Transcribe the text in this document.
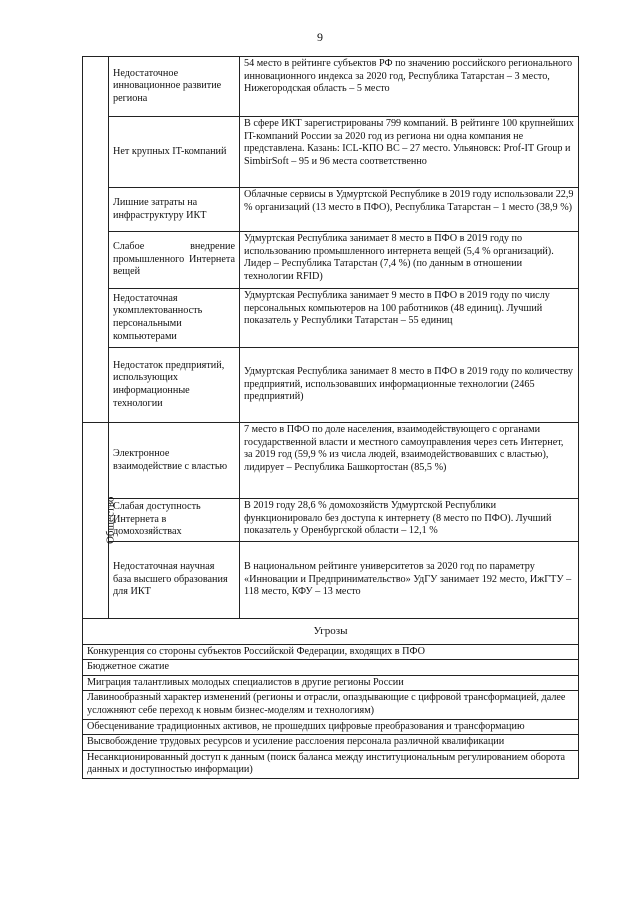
9
	Недостаточное инновационное развитие региона	54 место в рейтинге субъектов РФ по значению российского регионального инновационного индекса за 2020 год, Республика Татарстан – 3 место, Нижегородская область – 5 место
	Нет крупных IT-компаний	В сфере ИКТ зарегистрированы 799 компаний. В рейтинге 100 крупнейших IT-компаний России за 2020 год из региона ни одна компания не представлена. Казань: ICL-КПО ВС – 27 место. Ульяновск: Prof-IT Group и SimbirSoft – 95 и 96 места соответственно
	Лишние затраты на инфраструктуру ИКТ	Облачные сервисы в Удмуртской Республике в 2019 году использовали 22,9 % организаций (13 место в ПФО), Республика Татарстан – 1 место (38,9 %)
	Слабое внедрение промышленного Интернета вещей	Удмуртская Республика занимает 8 место в ПФО в 2019 году по использованию промышленного интернета вещей (5,4 % организаций). Лидер – Республика Татарстан (7,4 %) (по данным в отношении технологии RFID)
	Недостаточная укомплектованность персональными компьютерами	Удмуртская Республика занимает 9 место в ПФО в 2019 году по числу персональных компьютеров на 100 работников (48 единиц). Лучший показатель у Республики Татарстан – 55 единиц
	Недостаток предприятий, использующих информационные технологии	Удмуртская Республика занимает 8 место в ПФО в 2019 году по количеству предприятий, использовавших информационные технологии (2465 предприятий)
Общество	Электронное взаимодействие с властью	7 место в ПФО по доле населения, взаимодействующего с органами государственной власти и местного самоуправления через сеть Интернет, за 2019 год (59,9 % из числа людей, взаимодействовавших с властью), лидирует – Республика Башкортостан (85,5 %)
	Слабая доступность Интернета в домохозяйствах	В 2019 году 28,6 % домохозяйств Удмуртской Республики функционировало без доступа к интернету (8 место по ПФО). Лучший показатель у Оренбургской области – 12,1 %
	Недостаточная научная база высшего образования для ИКТ	В национальном рейтинге университетов за 2020 год по параметру «Инновации и Предпринимательство» УдГУ занимает 192 место, ИжГТУ – 118 место, КФУ – 13 место
Угрозы		
Конкуренция со стороны субъектов Российской Федерации, входящих в ПФО		
Бюджетное сжатие		
Миграция талантливых молодых специалистов в другие регионы России		
Лавинообразный характер изменений (регионы и отрасли, опаздывающие с цифровой трансформацией, далее усложняют себе переход к новым бизнес-моделям и технологиям)		
Обесценивание традиционных активов, не прошедших цифровые преобразования и трансформацию		
Высвобождение трудовых ресурсов и усиление расслоения персонала различной квалификации		
Несанкционированный доступ к данным (поиск баланса между институциональным регулированием оборота данных и доступностью информации)		
